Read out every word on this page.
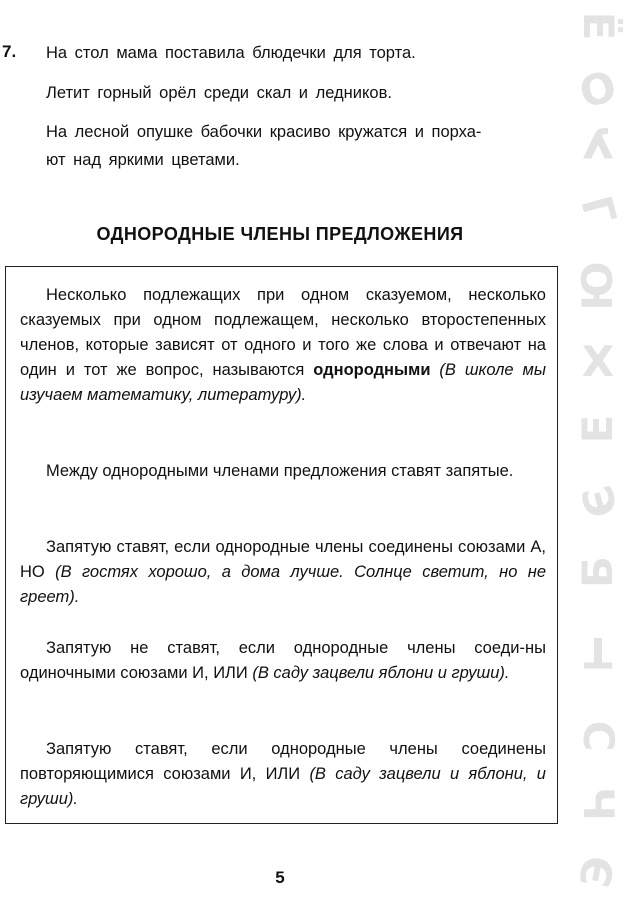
7. На стол мама поставила блюдечки для торта.
Летит горный орёл среди скал и ледников.
На лесной опушке бабочки красиво кружатся и порха-
ют над яркими цветами.
ОДНОРОДНЫЕ ЧЛЕНЫ ПРЕДЛОЖЕНИЯ

Несколько подлежащих при одном сказуемом, несколько сказуемых при одном подлежащем, несколько второстепенных членов, которые зависят от одного и того же слова и отвечают на один и тот же вопрос, называются однородными (В школе мы изучаем математику, литературу).

Между однородными членами предложения ставят запятые.

Запятую ставят, если однородные члены соединены союзами А, НО (В гостях хорошо, а дома лучше. Солнце светит, но не греет).

Запятую не ставят, если однородные члены соеди-ны одиночными союзами И, ИЛИ (В саду зацвели яблони и груши).

Запятую ставят, если однородные члены соединены повторяющимися союзами И, ИЛИ (В саду зацвели и яблони, и груши).

5
Ё
О
У
Г
Ю
Х
Е
Э
Б
Т
С
Ч
Э
